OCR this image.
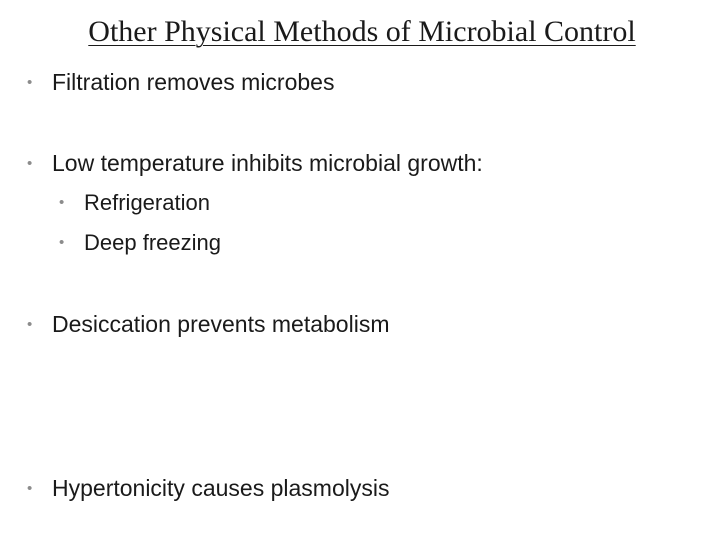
Other Physical Methods of Microbial Control
• Filtration removes microbes
• Low temperature inhibits microbial growth:
• Refrigeration
• Deep freezing
• Desiccation prevents metabolism
• Hypertonicity causes plasmolysis
